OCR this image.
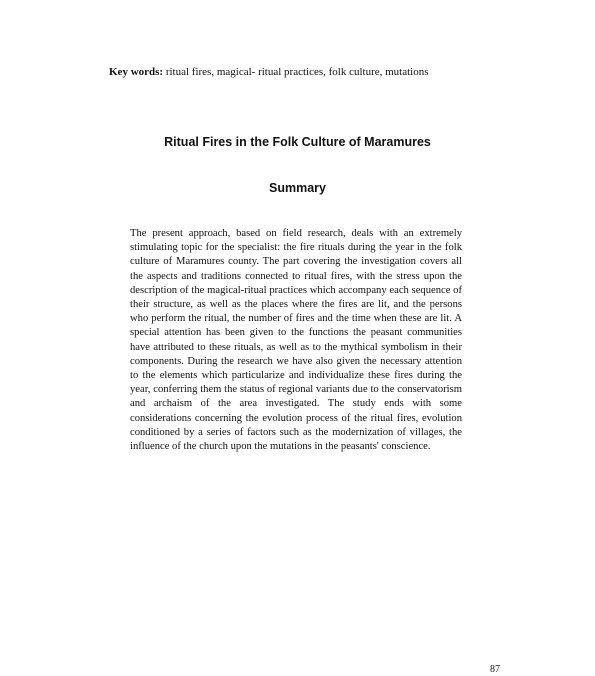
Key words: ritual fires, magical- ritual practices, folk culture, mutations
Ritual Fires in the Folk Culture of Maramures
Summary

The present approach, based on field research, deals with an extremely stimulating topic for the specialist: the fire rituals during the year in the folk culture of Maramures county. The part covering the investigation covers all the aspects and traditions connected to ritual fires, with the stress upon the description of the magical-ritual practices which accompany each sequence of their structure, as well as the places where the fires are lit, and the persons who perform the ritual, the number of fires and the time when these are lit. A special attention has been given to the functions the peasant communities have attributed to these rituals, as well as to the mythical symbolism in their components. During the research we have also given the necessary attention to the elements which particularize and individualize these fires during the year, conferring them the status of regional variants due to the conservatorism and archaism of the area investigated. The study ends with some considerations concerning the evolution process of the ritual fires, evolution conditioned by a series of factors such as the modernization of villages, the influence of the church upon the mutations in the peasants' conscience.

87
